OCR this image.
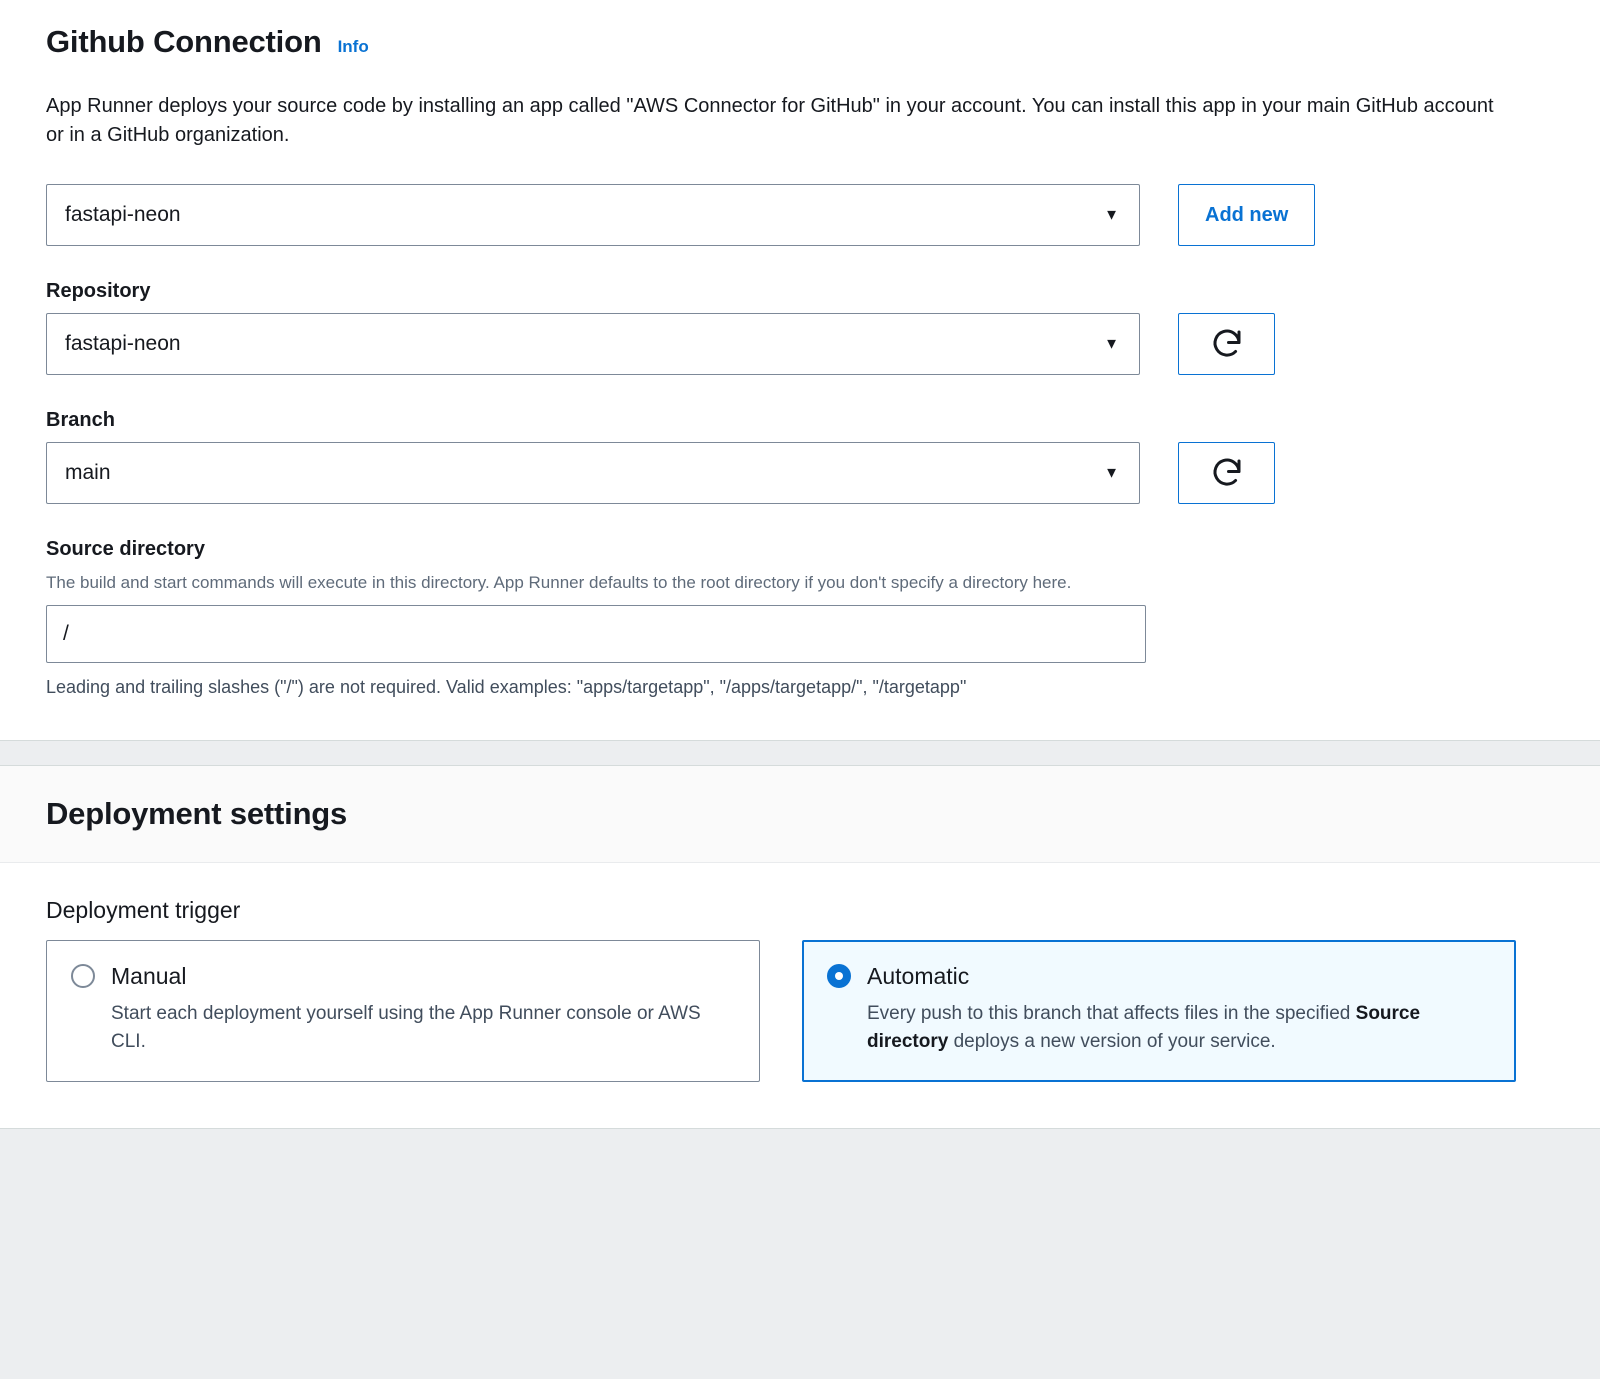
Github Connection Info

App Runner deploys your source code by installing an app called "AWS Connector for GitHub" in your account. You can install this app in your main GitHub account or in a GitHub organization.

fastapi-neon	▼	Add new
Repository
fastapi-neon	▼
Branch
main	▼
Source directory
The build and start commands will execute in this directory. App Runner defaults to the root directory if you don't specify a directory here.
/
Leading and trailing slashes ("/") are not required. Valid examples: "apps/targetapp", "/apps/targetapp/", "/targetapp"
Deployment settings
Deployment trigger
Manual
Start each deployment yourself using the App Runner console or AWS CLI.
Automatic
Every push to this branch that affects files in the specified Source directory deploys a new version of your service.
